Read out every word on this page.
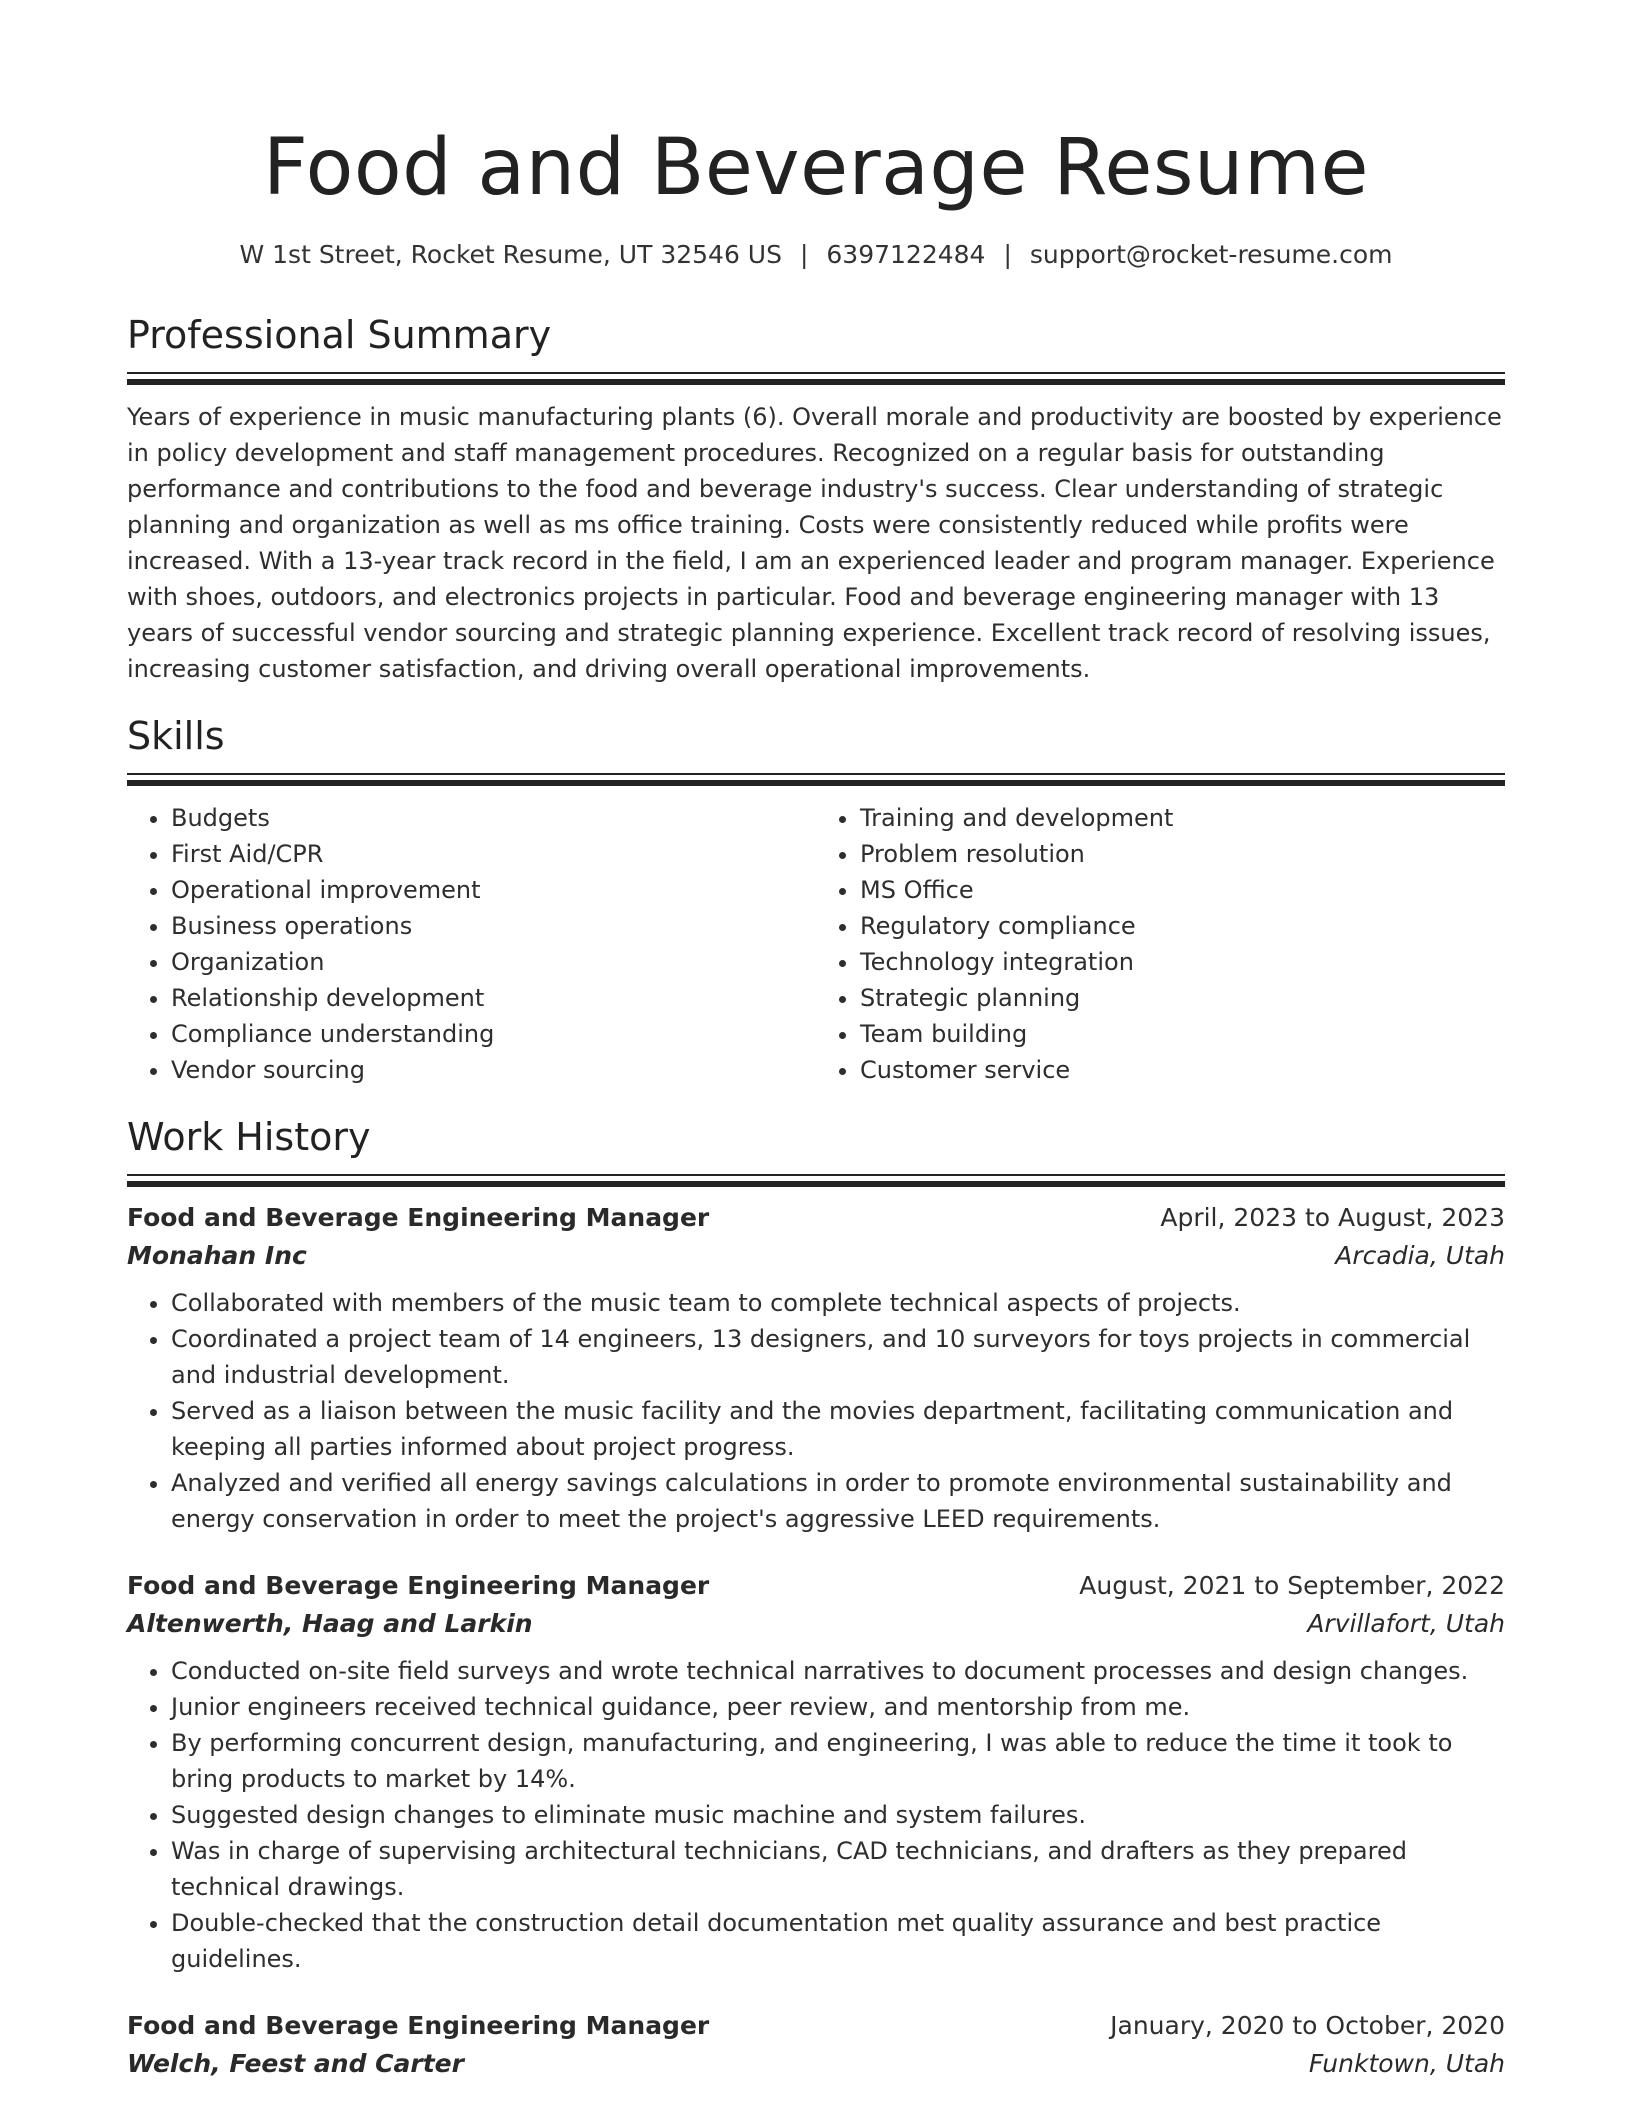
Food and Beverage Resume
W 1st Street, Rocket Resume, UT 32546 US | 6397122484 | support@rocket-resume.com
Professional Summary

Years of experience in music manufacturing plants (6). Overall morale and productivity are boosted by experience in policy development and staff management procedures. Recognized on a regular basis for outstanding performance and contributions to the food and beverage industry's success. Clear understanding of strategic planning and organization as well as ms office training. Costs were consistently reduced while profits were increased. With a 13-year track record in the field, I am an experienced leader and program manager. Experience with shoes, outdoors, and electronics projects in particular. Food and beverage engineering manager with 13 years of successful vendor sourcing and strategic planning experience. Excellent track record of resolving issues, increasing customer satisfaction, and driving overall operational improvements.

Skills
• Budgets
• First Aid/CPR
• Operational improvement
• Business operations
• Organization
• Relationship development
• Compliance understanding
• Vendor sourcing
• Training and development
• Problem resolution
• MS Office
• Regulatory compliance
• Technology integration
• Strategic planning
• Team building
• Customer service
Work History
Food and Beverage Engineering Manager	April, 2023 to August, 2023
Monahan Inc	Arcadia, Utah
• Collaborated with members of the music team to complete technical aspects of projects.
• Coordinated a project team of 14 engineers, 13 designers, and 10 surveyors for toys projects in commercial and industrial development.
• Served as a liaison between the music facility and the movies department, facilitating communication and keeping all parties informed about project progress.
• Analyzed and verified all energy savings calculations in order to promote environmental sustainability and energy conservation in order to meet the project's aggressive LEED requirements.
Food and Beverage Engineering Manager	August, 2021 to September, 2022
Altenwerth, Haag and Larkin	Arvillafort, Utah
• Conducted on-site field surveys and wrote technical narratives to document processes and design changes.
• Junior engineers received technical guidance, peer review, and mentorship from me.
• By performing concurrent design, manufacturing, and engineering, I was able to reduce the time it took to bring products to market by 14%.
• Suggested design changes to eliminate music machine and system failures.
• Was in charge of supervising architectural technicians, CAD technicians, and drafters as they prepared technical drawings.
• Double-checked that the construction detail documentation met quality assurance and best practice guidelines.
Food and Beverage Engineering Manager	January, 2020 to October, 2020
Welch, Feest and Carter	Funktown, Utah
